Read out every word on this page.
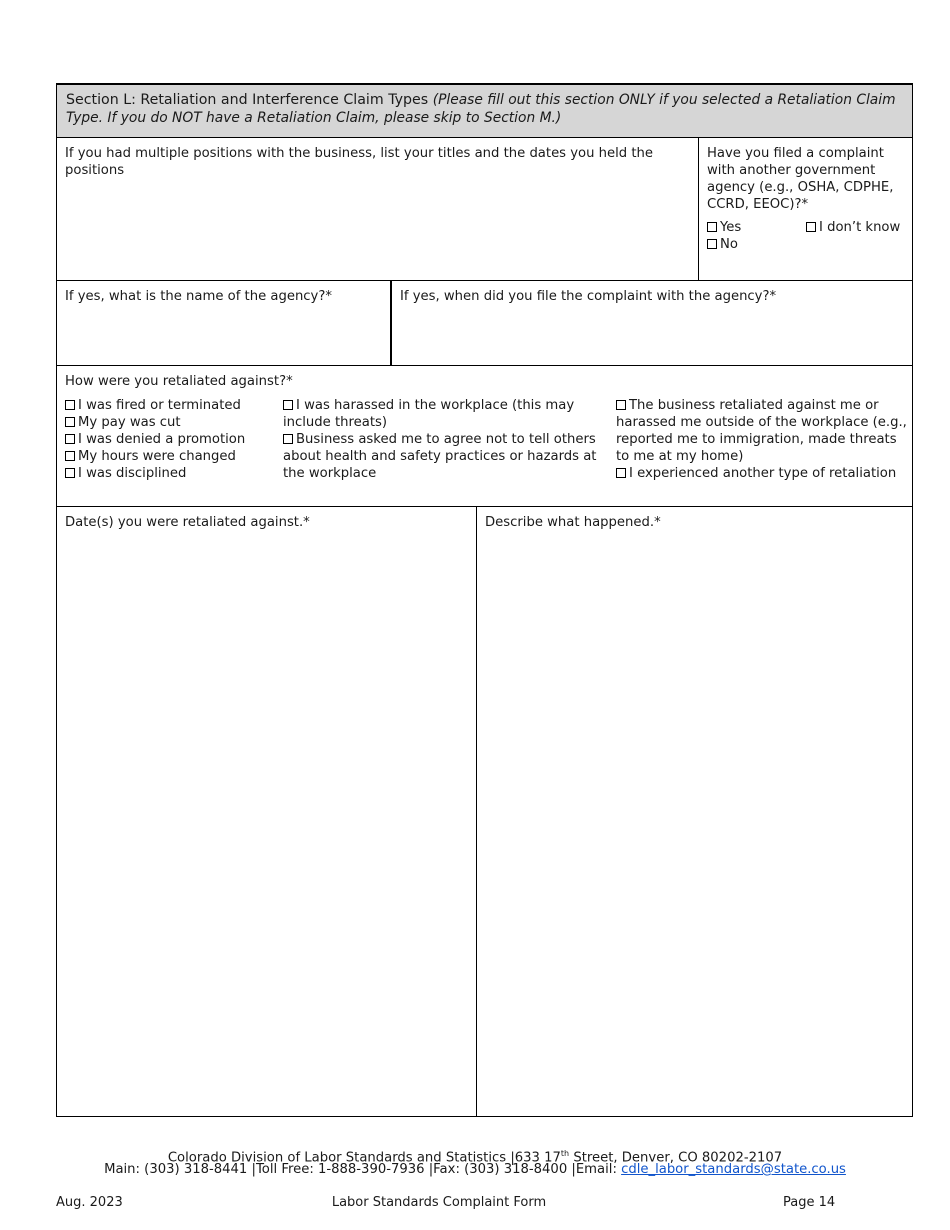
Section L: Retaliation and Interference Claim Types (Please fill out this section ONLY if you selected a Retaliation Claim Type. If you do NOT have a Retaliation Claim, please skip to Section M.)
If you had multiple positions with the business, list your titles and the dates you held the positions
Have you filed a complaint with another government agency (e.g., OSHA, CDPHE, CCRD, EEOC)?*
Yes	I don’t know
No
If yes, what is the name of the agency?*	If yes, when did you file the complaint with the agency?*
How were you retaliated against?*
I was fired or terminated
My pay was cut
I was denied a promotion
My hours were changed
I was disciplined
I was harassed in the workplace (this may include threats)
Business asked me to agree not to tell others about health and safety practices or hazards at the workplace
The business retaliated against me or harassed me outside of the workplace (e.g., reported me to immigration, made threats to me at my home)
I experienced another type of retaliation
Date(s) you were retaliated against.*	Describe what happened.*
Colorado Division of Labor Standards and Statistics |633 17th Street, Denver, CO 80202-2107
Main: (303) 318-8441 |Toll Free: 1-888-390-7936 |Fax: (303) 318-8400 |Email: cdle_labor_standards@state.co.us
Aug. 2023	Labor Standards Complaint Form	Page 14
